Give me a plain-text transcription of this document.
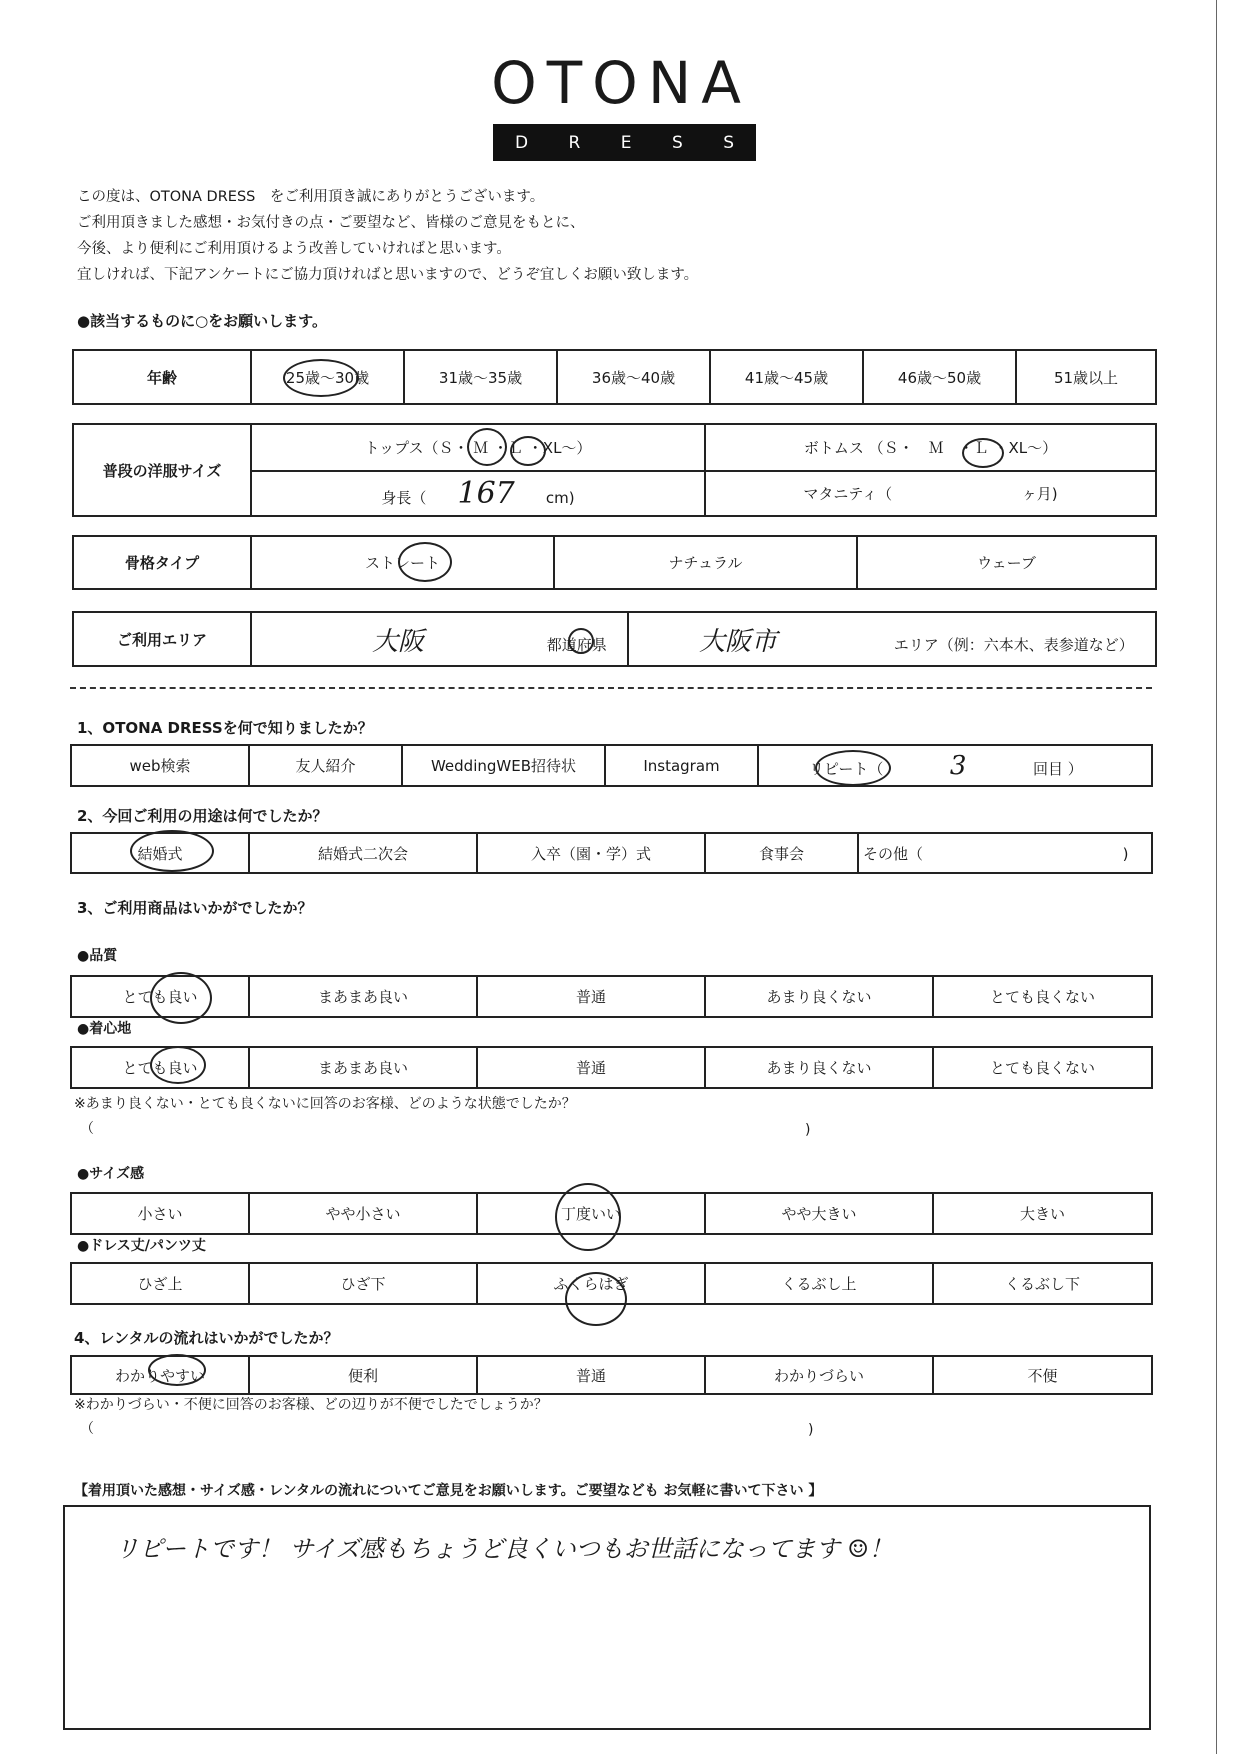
OTONA
D R E S S
この度は、OTONA DRESS　をご利用頂き誠にありがとうございます。
ご利用頂きました感想・お気付きの点・ご要望など、皆様のご意見をもとに、
今後、より便利にご利用頂けるよう改善していければと思います。
宜しければ、下記アンケートにご協力頂ければと思いますので、どうぞ宜しくお願い致します。
●該当するものに○をお願いします。
年齢	25歳～30歳	31歳～35歳	36歳～40歳	41歳～45歳	46歳～50歳	51歳以上
普段の洋服サイズ	トップス（Ｓ・ Ｍ ・Ｌ ・XL～）	ボトムス （Ｓ・　Ｍ　・Ｌ ・XL～）
	身長（ 167 cm)	マタニティ（ ヶ月)
骨格タイプ	ストレート	ナチュラル	ウェーブ
ご利用エリア	大阪	都道府県	大阪市	エリア（例：六本木、表参道など）
1、OTONA DRESSを何で知りましたか？
web検索	友人紹介	WeddingWEB招待状	Instagram	リピート（	3	回目 ）
2、今回ご利用の用途は何でしたか？
結婚式	結婚式二次会	入卒（園・学）式	食事会	その他（	)
3、ご利用商品はいかがでしたか？
●品質
とても良い	まあまあ良い	普通	あまり良くない	とても良くない
●着心地
とても良い	まあまあ良い	普通	あまり良くない	とても良くない
※あまり良くない・とても良くないに回答のお客様、どのような状態でしたか？
（	)
●サイズ感
小さい	やや小さい	丁度いい	やや大きい	大きい
●ドレス丈/パンツ丈
ひざ上	ひざ下	ふくらはぎ	くるぶし上	くるぶし下
4、レンタルの流れはいかがでしたか？
わかりやすい	便利	普通	わかりづらい	不便
※わかりづらい・不便に回答のお客様、どの辺りが不便でしたでしょうか？
（	)
【着用頂いた感想・サイズ感・レンタルの流れについてご意見をお願いします。ご要望なども お気軽に書いて下さい 】
リピートです！ サイズ感もちょうど良くいつもお世話になってます ☺！
